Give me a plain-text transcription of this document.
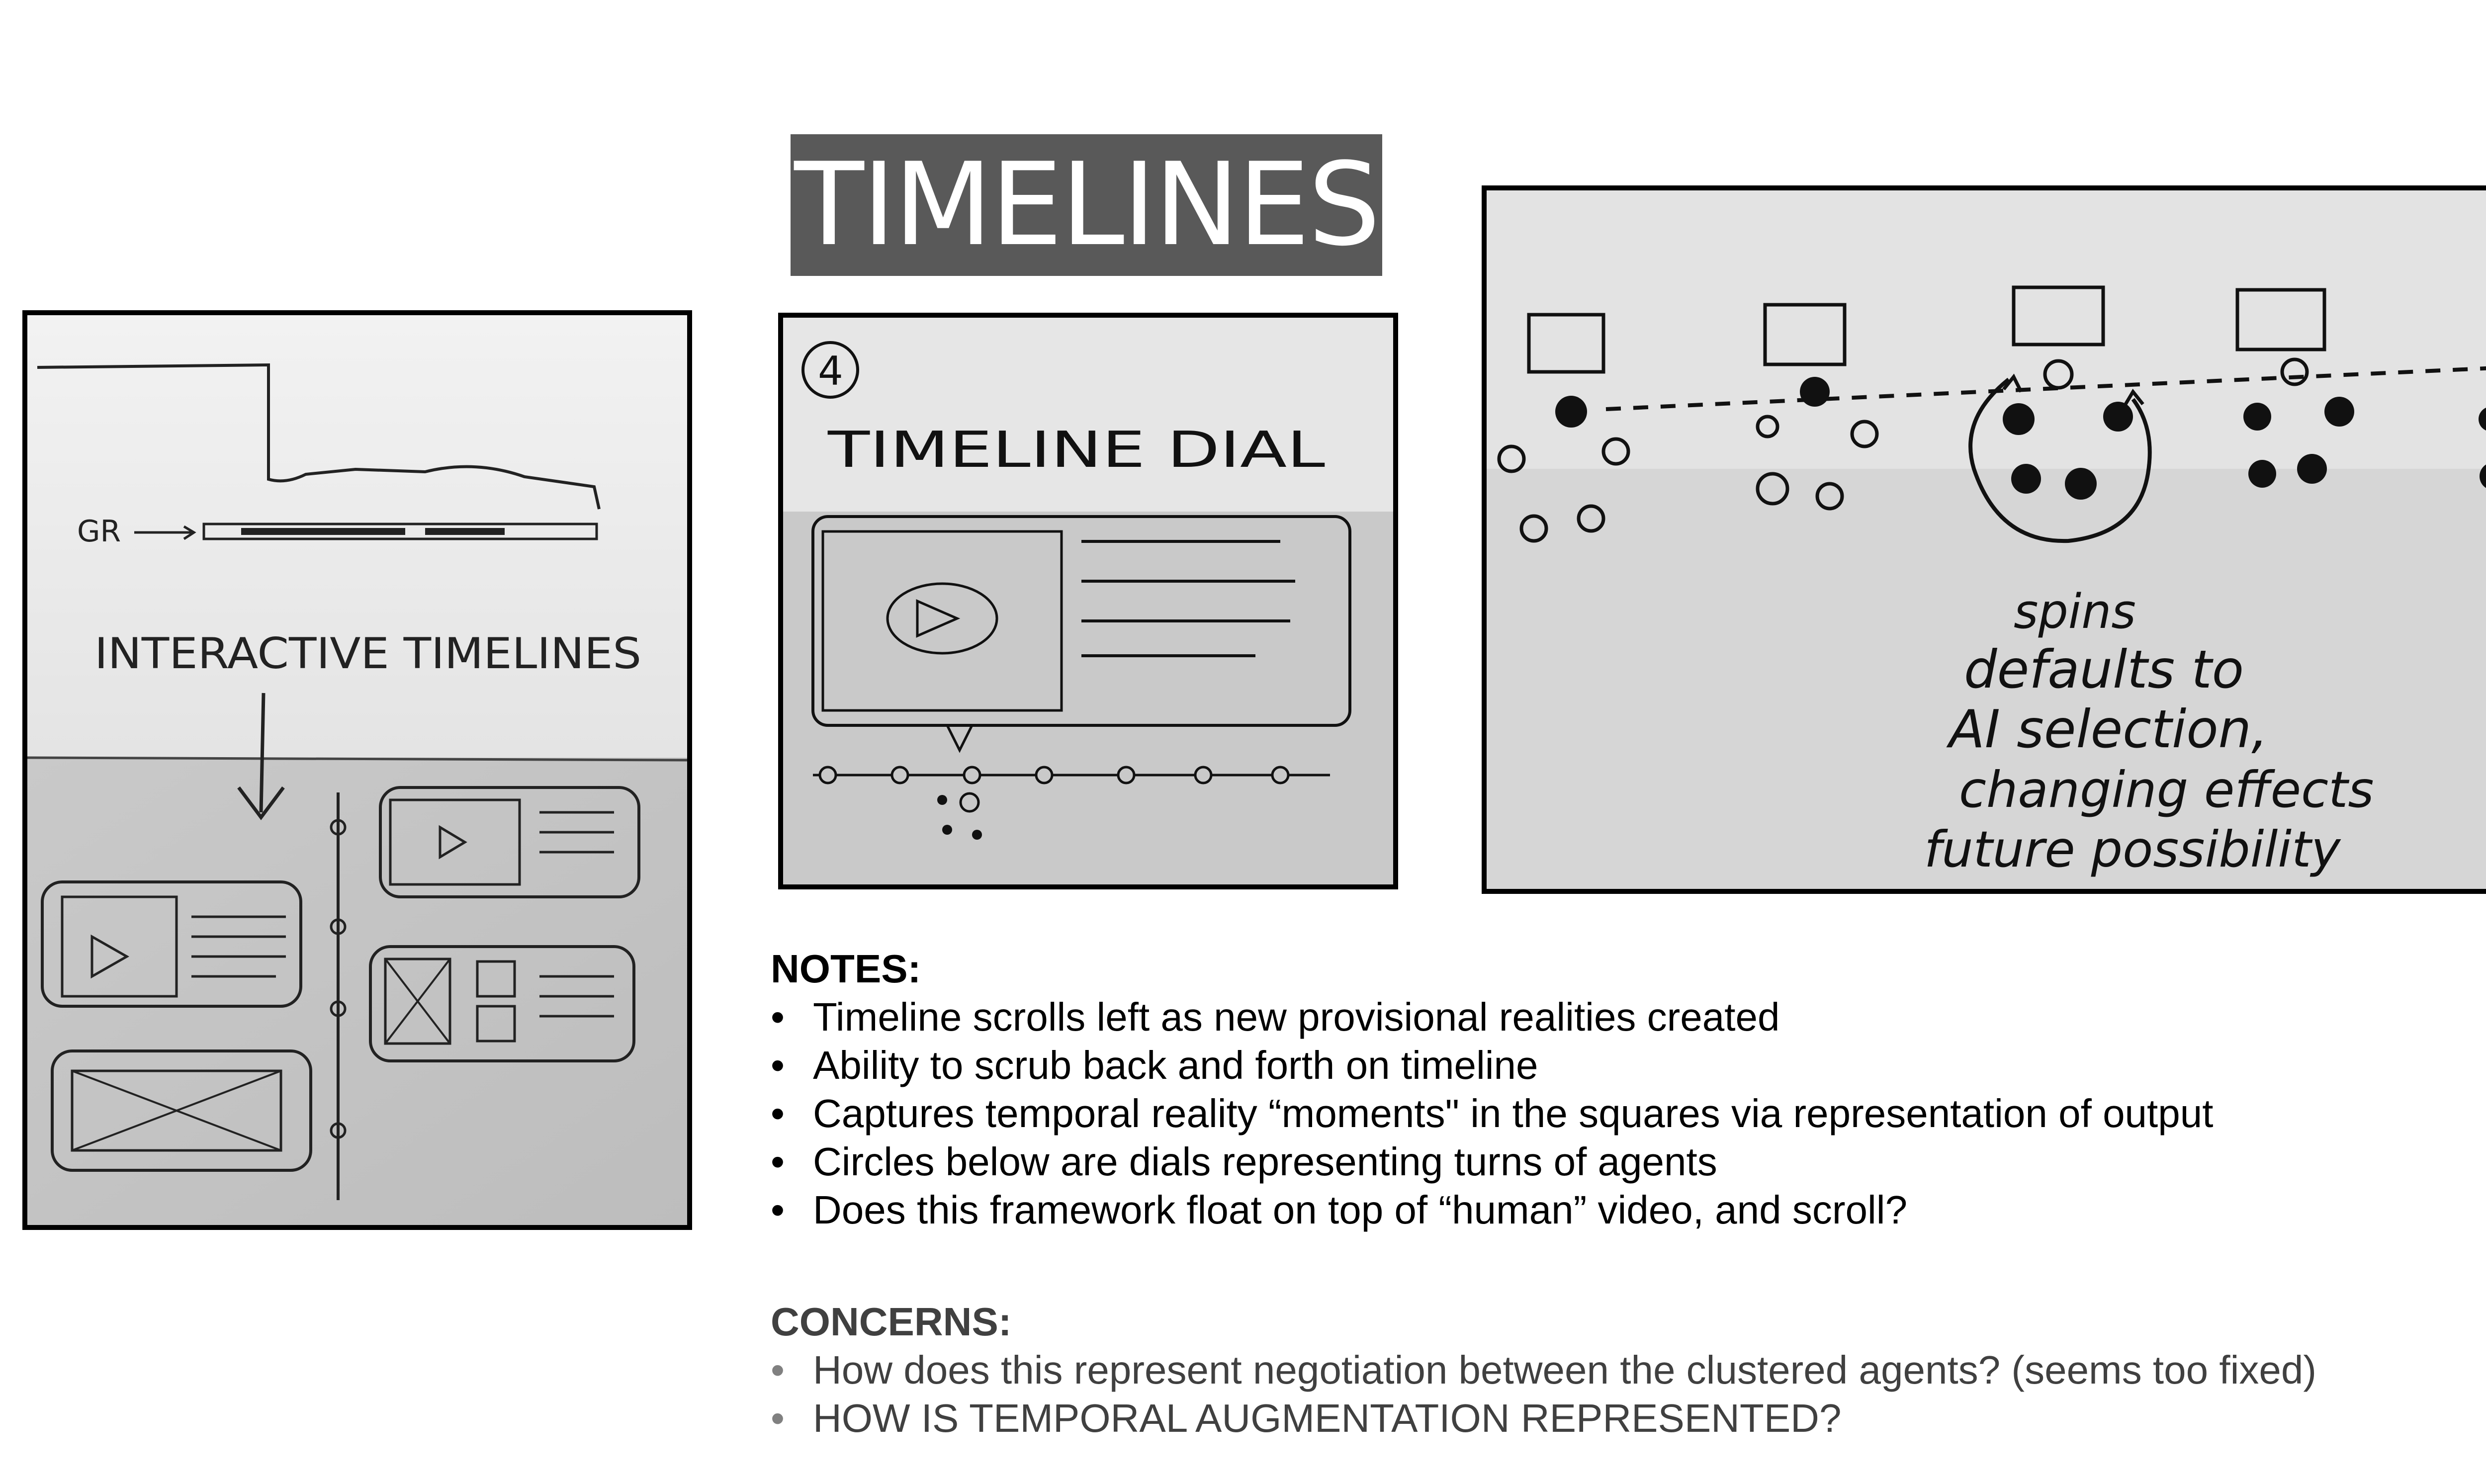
TIMELINES
GR
INTERACTIVE TIMELINES
4
TIMELINE DIAL
spins
defaults to
AI selection,
changing effects
future possibility
NOTES:
• Timeline scrolls left as new provisional realities created
• Ability to scrub back and forth on timeline
• Captures temporal reality “moments" in the squares via representation of output
• Circles below are dials representing turns of agents
• Does this framework float on top of “human” video, and scroll?
CONCERNS:
• How does this represent negotiation between the clustered agents? (seems too fixed)
• HOW IS TEMPORAL AUGMENTATION REPRESENTED?
